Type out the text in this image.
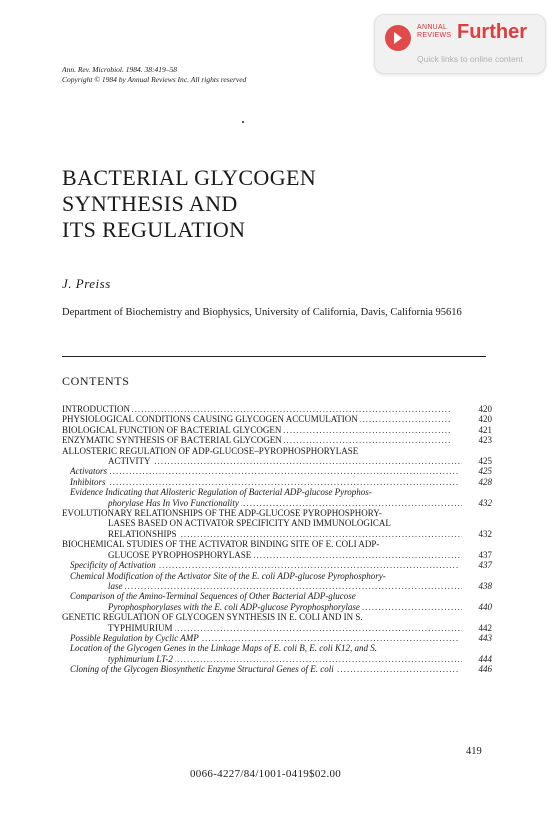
ANNUAL
REVIEWS Further
Quick links to online content
Ann. Rev. Microbiol. 1984. 38:419–58
Copyright © 1984 by Annual Reviews Inc. All rights reserved
BACTERIAL GLYCOGEN
SYNTHESIS AND
ITS REGULATION
J. Preiss
Department of Biochemistry and Biophysics, University of California, Davis, California 95616
CONTENTS
INTRODUCTION . . .	420
PHYSIOLOGICAL CONDITIONS CAUSING GLYCOGEN ACCUMULATION . . .	420
BIOLOGICAL FUNCTION OF BACTERIAL GLYCOGEN . . .	421
ENZYMATIC SYNTHESIS OF BACTERIAL GLYCOGEN . . .	423
ALLOSTERIC REGULATION OF ADP-GLUCOSE–PYROPHOSPHORYLASE
ACTIVITY . . .	425
Activators . . .	425
Inhibitors . . .	428
Evidence Indicating that Allosteric Regulation of Bacterial ADP-glucose Pyrophos-
phorylase Has In Vivo Functionality . . .	432
EVOLUTIONARY RELATIONSHIPS OF THE ADP-GLUCOSE PYROPHOSPHORY-
LASES BASED ON ACTIVATOR SPECIFICITY AND IMMUNOLOGICAL
RELATIONSHIPS . . .	432
BIOCHEMICAL STUDIES OF THE ACTIVATOR BINDING SITE OF E. COLI ADP-
GLUCOSE PYROPHOSPHORYLASE . . .	437
Specificity of Activation . . .	437
Chemical Modification of the Activator Site of the E. coli ADP-glucose Pyrophosphory-
lase . . .	438
Comparison of the Amino-Terminal Sequences of Other Bacterial ADP-glucose
Pyrophosphorylases with the E. coli ADP-glucose Pyrophosphorylase . . .	440
GENETIC REGULATION OF GLYCOGEN SYNTHESIS IN E. COLI AND IN S.
TYPHIMURIUM . . .	442
Possible Regulation by Cyclic AMP . . .	443
Location of the Glycogen Genes in the Linkage Maps of E. coli B, E. coli K12, and S.
typhimurium LT-2 . . .	444
Cloning of the Glycogen Biosynthetic Enzyme Structural Genes of E. coli . . .	446
419
0066-4227/84/1001-0419$02.00
